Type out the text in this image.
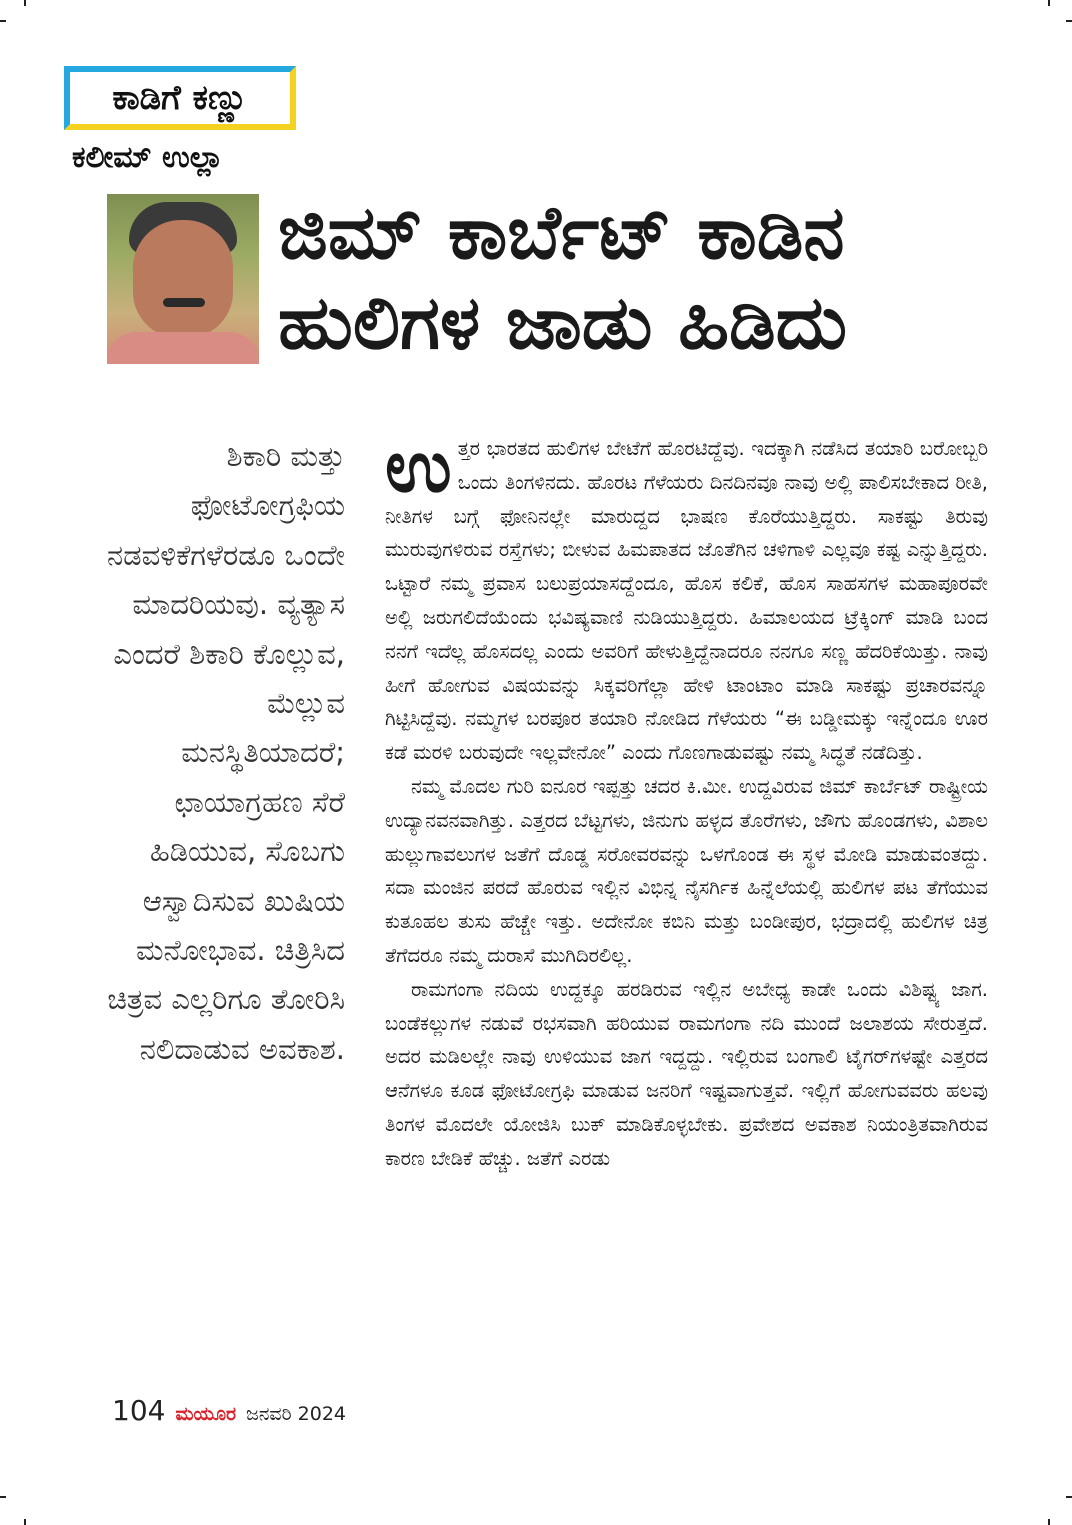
ಕಾಡಿಗೆ ಕಣ್ಣು
ಕಲೀಮ್ ಉಲ್ಲಾ
ಜಿಮ್ ಕಾರ್ಬೆಟ್ ಕಾಡಿನ
ಹುಲಿಗಳ ಜಾಡು ಹಿಡಿದು
ಶಿಕಾರಿ ಮತ್ತು ಫೋಟೋಗ್ರಫಿಯ ನಡವಳಿಕೆಗಳೆರಡೂ ಒಂದೇ ಮಾದರಿಯವು. ವ್ಯತ್ಯಾಸ ಎಂದರೆ ಶಿಕಾರಿ ಕೊಲ್ಲುವ, ಮೆಲ್ಲುವ ಮನಸ್ಥಿತಿಯಾದರೆ; ಛಾಯಾಗ್ರಹಣ ಸೆರೆ ಹಿಡಿಯುವ, ಸೊಬಗು ಆಸ್ವಾದಿಸುವ ಖುಷಿಯ ಮನೋಭಾವ. ಚಿತ್ರಿಸಿದ ಚಿತ್ರವ ಎಲ್ಲರಿಗೂ ತೋರಿಸಿ ನಲಿದಾಡುವ ಅವಕಾಶ.

ಉತ್ತರ ಭಾರತದ ಹುಲಿಗಳ ಬೇಟೆಗೆ ಹೊರಟಿದ್ದೆವು. ಇದಕ್ಕಾಗಿ ನಡೆಸಿದ ತಯಾರಿ ಬರೋಬ್ಬರಿ ಒಂದು ತಿಂಗಳಿನದು. ಹೊರಟ ಗೆಳೆಯರು ದಿನದಿನವೂ ನಾವು ಅಲ್ಲಿ ಪಾಲಿಸಬೇಕಾದ ರೀತಿ, ನೀತಿಗಳ ಬಗ್ಗೆ ಫೋನಿನಲ್ಲೇ ಮಾರುದ್ದದ ಭಾಷಣ ಕೊರೆಯುತ್ತಿದ್ದರು. ಸಾಕಷ್ಟು ತಿರುವು ಮುರುವುಗಳಿರುವ ರಸ್ತೆಗಳು; ಬೀಳುವ ಹಿಮಪಾತದ ಜೊತೆಗಿನ ಚಳಿಗಾಳಿ ಎಲ್ಲವೂ ಕಷ್ಟ ಎನ್ನುತ್ತಿದ್ದರು. ಒಟ್ಟಾರೆ ನಮ್ಮ ಪ್ರವಾಸ ಬಲುಪ್ರಯಾಸದ್ದೆಂದೂ, ಹೊಸ ಕಲಿಕೆ, ಹೊಸ ಸಾಹಸಗಳ ಮಹಾಪೂರವೇ ಅಲ್ಲಿ ಜರುಗಲಿದೆಯೆಂದು ಭವಿಷ್ಯವಾಣಿ ನುಡಿಯುತ್ತಿದ್ದರು. ಹಿಮಾಲಯದ ಟ್ರೆಕ್ಕಿಂಗ್ ಮಾಡಿ ಬಂದ ನನಗೆ ಇದೆಲ್ಲ ಹೊಸದಲ್ಲ ಎಂದು ಅವರಿಗೆ ಹೇಳುತ್ತಿದ್ದೆನಾದರೂ ನನಗೂ ಸಣ್ಣ ಹೆದರಿಕೆಯಿತ್ತು. ನಾವು ಹೀಗೆ ಹೋಗುವ ವಿಷಯವನ್ನು ಸಿಕ್ಕವರಿಗೆಲ್ಲಾ ಹೇಳಿ ಟಾಂಟಾಂ ಮಾಡಿ ಸಾಕಷ್ಟು ಪ್ರಚಾರವನ್ನೂ ಗಿಟ್ಟಿಸಿದ್ದೆವು. ನಮ್ಮಗಳ ಬರಪೂರ ತಯಾರಿ ನೋಡಿದ ಗೆಳೆಯರು “ಈ ಬಡ್ಡೀಮಕ್ಕು ಇನ್ನೆಂದೂ ಊರ ಕಡೆ ಮರಳಿ ಬರುವುದೇ ಇಲ್ಲವೇನೋ” ಎಂದು ಗೊಣಗಾಡುವಷ್ಟು ನಮ್ಮ ಸಿದ್ಧತೆ ನಡೆದಿತ್ತು.

ನಮ್ಮ ಮೊದಲ ಗುರಿ ಐನೂರ ಇಪ್ಪತ್ತು ಚದರ ಕಿ.ಮೀ. ಉದ್ದವಿರುವ ಜಿಮ್ ಕಾರ್ಬೆಟ್ ರಾಷ್ಟ್ರೀಯ ಉದ್ಯಾನವನವಾಗಿತ್ತು. ಎತ್ತರದ ಬೆಟ್ಟಗಳು, ಜಿನುಗು ಹಳ್ಳದ ತೊರೆಗಳು, ಜೌಗು ಹೊಂಡಗಳು, ವಿಶಾಲ ಹುಲ್ಲುಗಾವಲುಗಳ ಜತೆಗೆ ದೊಡ್ಡ ಸರೋವರವನ್ನು ಒಳಗೊಂಡ ಈ ಸ್ಥಳ ಮೋಡಿ ಮಾಡುವಂತದ್ದು. ಸದಾ ಮಂಜಿನ ಪರದೆ ಹೊರುವ ಇಲ್ಲಿನ ವಿಭಿನ್ನ ನೈಸರ್ಗಿಕ ಹಿನ್ನೆಲೆಯಲ್ಲಿ ಹುಲಿಗಳ ಪಟ ತೆಗೆಯುವ ಕುತೂಹಲ ತುಸು ಹೆಚ್ಚೇ ಇತ್ತು. ಅದೇನೋ ಕಬಿನಿ ಮತ್ತು ಬಂಡೀಪುರ, ಭದ್ರಾದಲ್ಲಿ ಹುಲಿಗಳ ಚಿತ್ರ ತೆಗೆದರೂ ನಮ್ಮ ದುರಾಸೆ ಮುಗಿದಿರಲಿಲ್ಲ.

ರಾಮಗಂಗಾ ನದಿಯ ಉದ್ದಕ್ಕೂ ಹರಡಿರುವ ಇಲ್ಲಿನ ಅಬೇಧ್ಯ ಕಾಡೇ ಒಂದು ವಿಶಿಷ್ಟ್ಯ ಜಾಗ. ಬಂಡೆಕಲ್ಲುಗಳ ನಡುವೆ ರಭಸವಾಗಿ ಹರಿಯುವ ರಾಮಗಂಗಾ ನದಿ ಮುಂದೆ ಜಲಾಶಯ ಸೇರುತ್ತದೆ. ಅದರ ಮಡಿಲಲ್ಲೇ ನಾವು ಉಳಿಯುವ ಜಾಗ ಇದ್ದದ್ದು. ಇಲ್ಲಿರುವ ಬಂಗಾಲಿ ಟೈಗರ್‌ಗಳಷ್ಟೇ ಎತ್ತರದ ಆನೆಗಳೂ ಕೂಡ ಫೋಟೋಗ್ರಫಿ ಮಾಡುವ ಜನರಿಗೆ ಇಷ್ಟವಾಗುತ್ತವೆ. ಇಲ್ಲಿಗೆ ಹೋಗುವವರು ಹಲವು ತಿಂಗಳ ಮೊದಲೇ ಯೋಜಿಸಿ ಬುಕ್ ಮಾಡಿಕೊಳ್ಳಬೇಕು. ಪ್ರವೇಶದ ಅವಕಾಶ ನಿಯಂತ್ರಿತವಾಗಿರುವ ಕಾರಣ ಬೇಡಿಕೆ ಹೆಚ್ಚು. ಜತೆಗೆ ಎರಡು

104 ಮಯೂರ ಜನವರಿ 2024
